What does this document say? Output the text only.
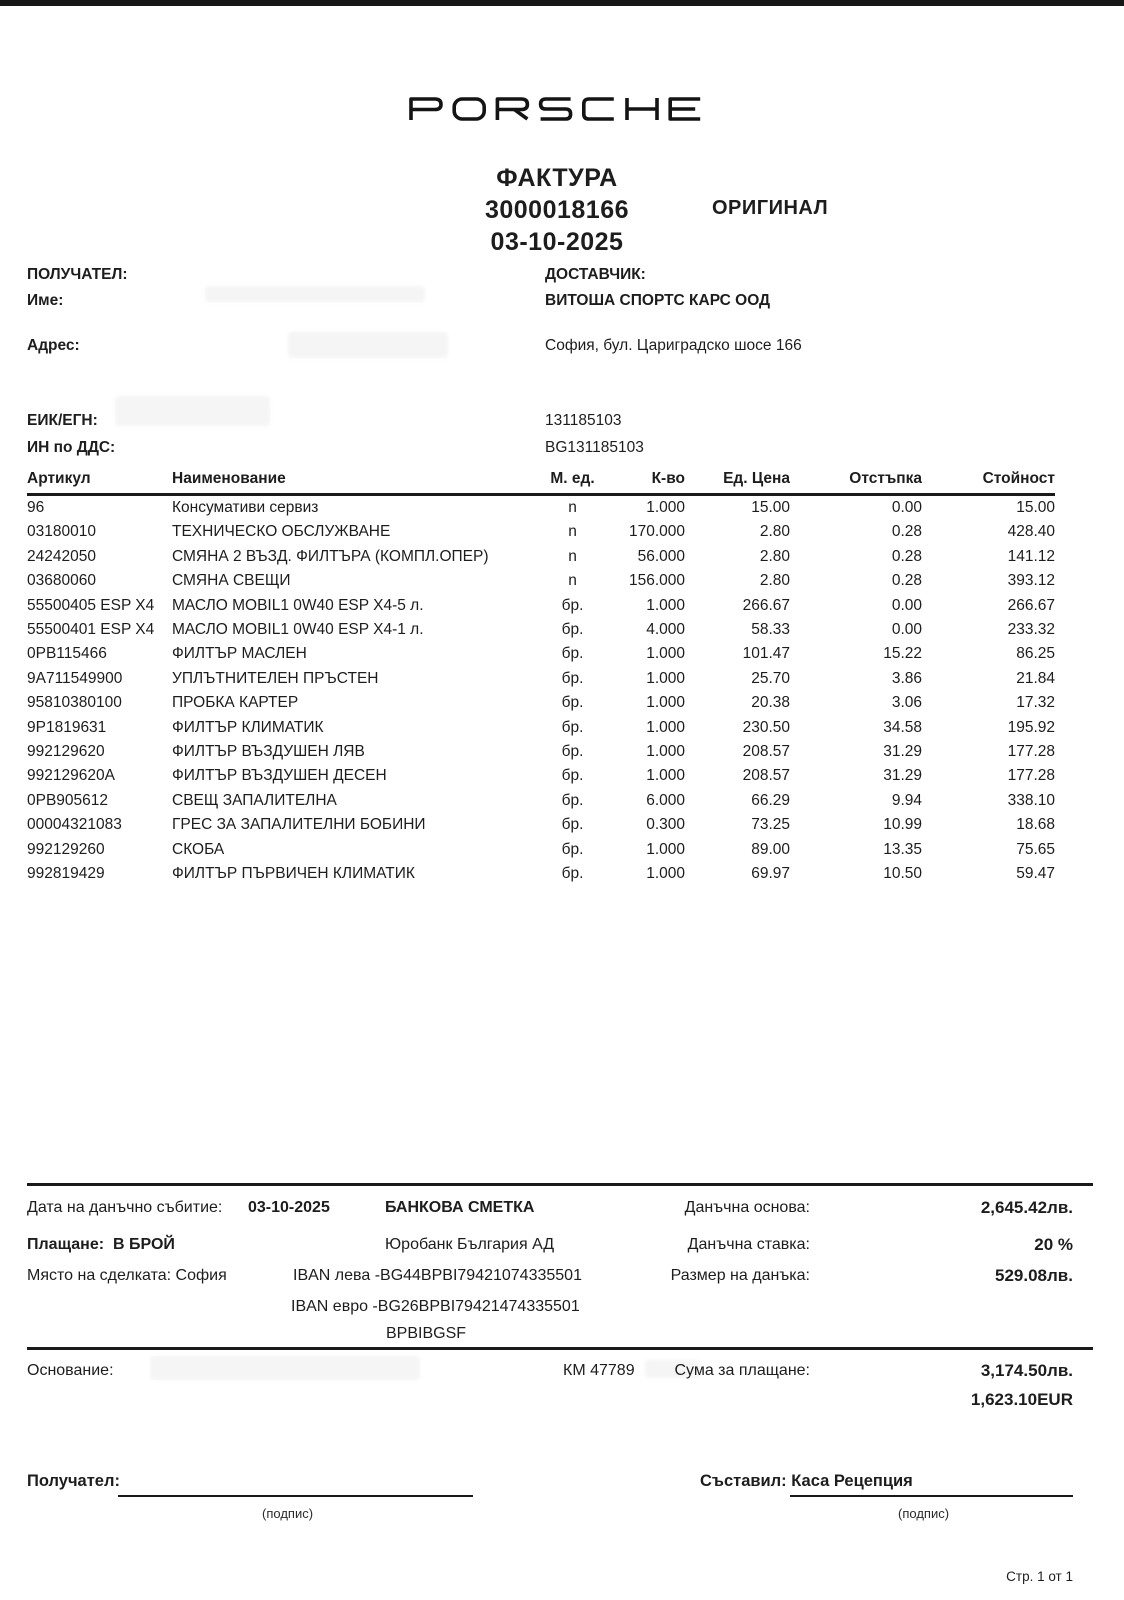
ФАКТУРА
3000018166
03-10-2025
ОРИГИНАЛ
ПОЛУЧАТЕЛ:
Име:
Адрес:
ЕИК/ЕГН:
ИН по ДДС:
ДОСТАВЧИК:
ВИТОША СПОРТС КАРС ООД
София, бул. Цариградско шосе 166
131185103
BG131185103
Артикул	Наименование	М. ед.	К-во	Ед. Цена	Отстъпка	Стойност
96	Консумативи сервиз	n	1.000	15.00	0.00	15.00
03180010	ТЕХНИЧЕСКО ОБСЛУЖВАНЕ	n	170.000	2.80	0.28	428.40
24242050	СМЯНА 2 ВЪЗД. ФИЛТЪРА (КОМПЛ.ОПЕР)	n	56.000	2.80	0.28	141.12
03680060	СМЯНА СВЕЩИ	n	156.000	2.80	0.28	393.12
55500405 ESP X4	МАСЛО MOBIL1 0W40 ESP X4-5 л.	бр.	1.000	266.67	0.00	266.67
55500401 ESP X4	МАСЛО MOBIL1 0W40 ESP X4-1 л.	бр.	4.000	58.33	0.00	233.32
0PB115466	ФИЛТЪР МАСЛЕН	бр.	1.000	101.47	15.22	86.25
9A711549900	УПЛЪТНИТЕЛЕН ПРЪСТЕН	бр.	1.000	25.70	3.86	21.84
95810380100	ПРОБКА КАРТЕР	бр.	1.000	20.38	3.06	17.32
9P1819631	ФИЛТЪР КЛИМАТИК	бр.	1.000	230.50	34.58	195.92
992129620	ФИЛТЪР ВЪЗДУШЕН ЛЯВ	бр.	1.000	208.57	31.29	177.28
992129620A	ФИЛТЪР ВЪЗДУШЕН ДЕСЕН	бр.	1.000	208.57	31.29	177.28
0PB905612	СВЕЩ ЗАПАЛИТЕЛНА	бр.	6.000	66.29	9.94	338.10
00004321083	ГРЕС ЗА ЗАПАЛИТЕЛНИ БОБИНИ	бр.	0.300	73.25	10.99	18.68
992129260	СКОБА	бр.	1.000	89.00	13.35	75.65
992819429	ФИЛТЪР ПЪРВИЧЕН КЛИМАТИК	бр.	1.000	69.97	10.50	59.47
Дата на данъчно събитие: 03-10-2025	БАНКОВА СМЕТКА	Данъчна основа:	2,645.42лв.
Плащане: В БРОЙ	Юробанк България АД	Данъчна ставка:	20 %
Място на сделката: София	IBAN лева -BG44BPBI79421074335501	Размер на данъка:	529.08лв.
IBAN евро -BG26BPBI79421474335501
BPBIBGSF
Основание:	КМ 47789	Сума за плащане:	3,174.50лв.
1,623.10EUR
Получател:
(подпис)
Съставил: Каса Рецепция
(подпис)
Стр. 1 от 1
